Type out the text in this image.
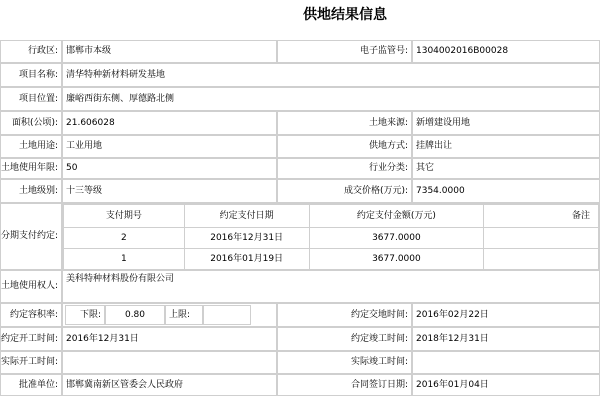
供地结果信息
行政区: 邯郸市本级	电子监管号: 1304002016B00028
项目名称: 清华特种新材料研发基地
项目位置: 廉峪西街东侧、厚德路北侧
面积(公顷): 21.606028	土地来源: 新增建设用地
土地用途: 工业用地	供地方式: 挂牌出让
土地使用年限: 50	行业分类: 其它
土地级别: 十三等级	成交价格(万元): 7354.0000
分期支付约定:
支付期号	约定支付日期	约定支付金额(万元)	备注
2	2016年12月31日	3677.0000	
1	2016年01月19日	3677.0000	
土地使用权人:
美科特种材料股份有限公司
约定容积率:	下限:	0.80	上限:	约定交地时间: 2016年02月22日
约定开工时间: 2016年12月31日	约定竣工时间: 2018年12月31日
实际开工时间:	实际竣工时间:
批准单位: 邯郸冀南新区管委会人民政府	合同签订日期: 2016年01月04日
